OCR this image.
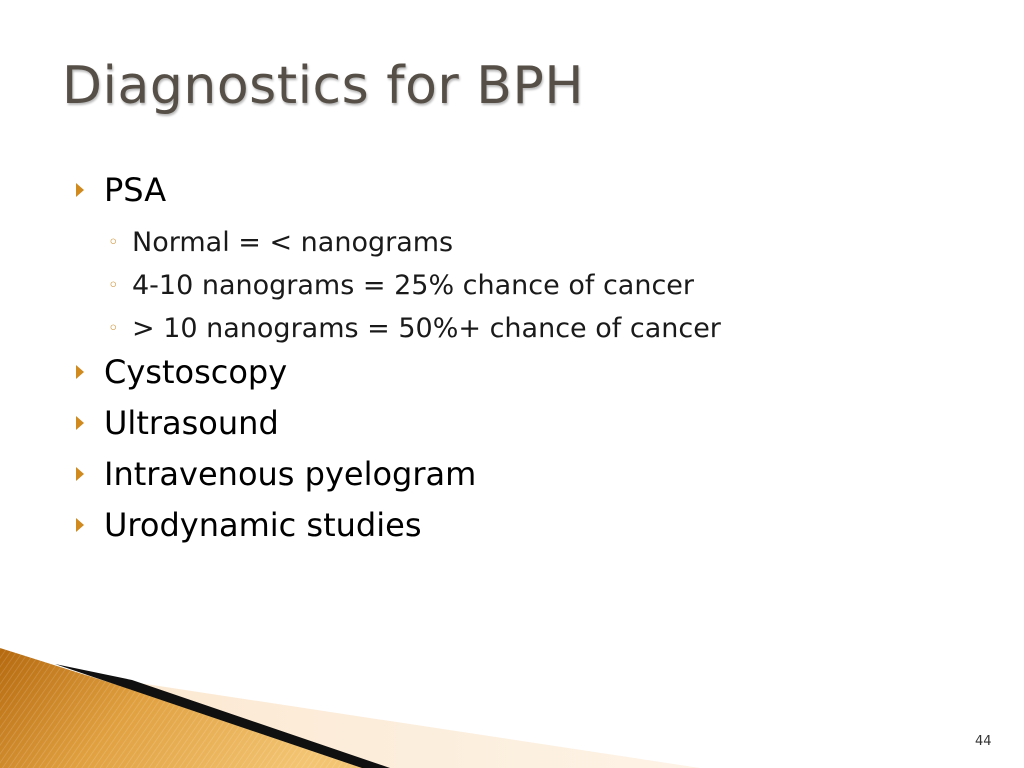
Diagnostics for BPH
PSA
◦ Normal = < nanograms
◦ 4-10 nanograms = 25% chance of cancer
◦ > 10 nanograms = 50%+ chance of cancer
Cystoscopy
Ultrasound
Intravenous pyelogram
Urodynamic studies
44
